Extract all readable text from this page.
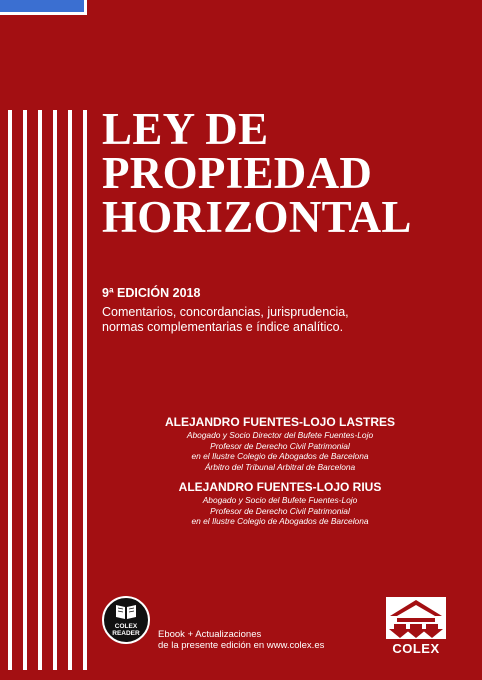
LEY DE
PROPIEDAD
HORIZONTAL
9ª EDICIÓN 2018
Comentarios, concordancias, jurisprudencia,
normas complementarias e índice analítico.
ALEJANDRO FUENTES-LOJO LASTRES
Abogado y Socio Director del Bufete Fuentes-Lojo
Profesor de Derecho Civil Patrimonial
en el Ilustre Colegio de Abogados de Barcelona
Árbitro del Tribunal Arbitral de Barcelona
ALEJANDRO FUENTES-LOJO RIUS
Abogado y Socio del Bufete Fuentes-Lojo
Profesor de Derecho Civil Patrimonial
en el Ilustre Colegio de Abogados de Barcelona
COLEX
READER	Ebook + Actualizaciones
de la presente edición en www.colex.es	COLEX
